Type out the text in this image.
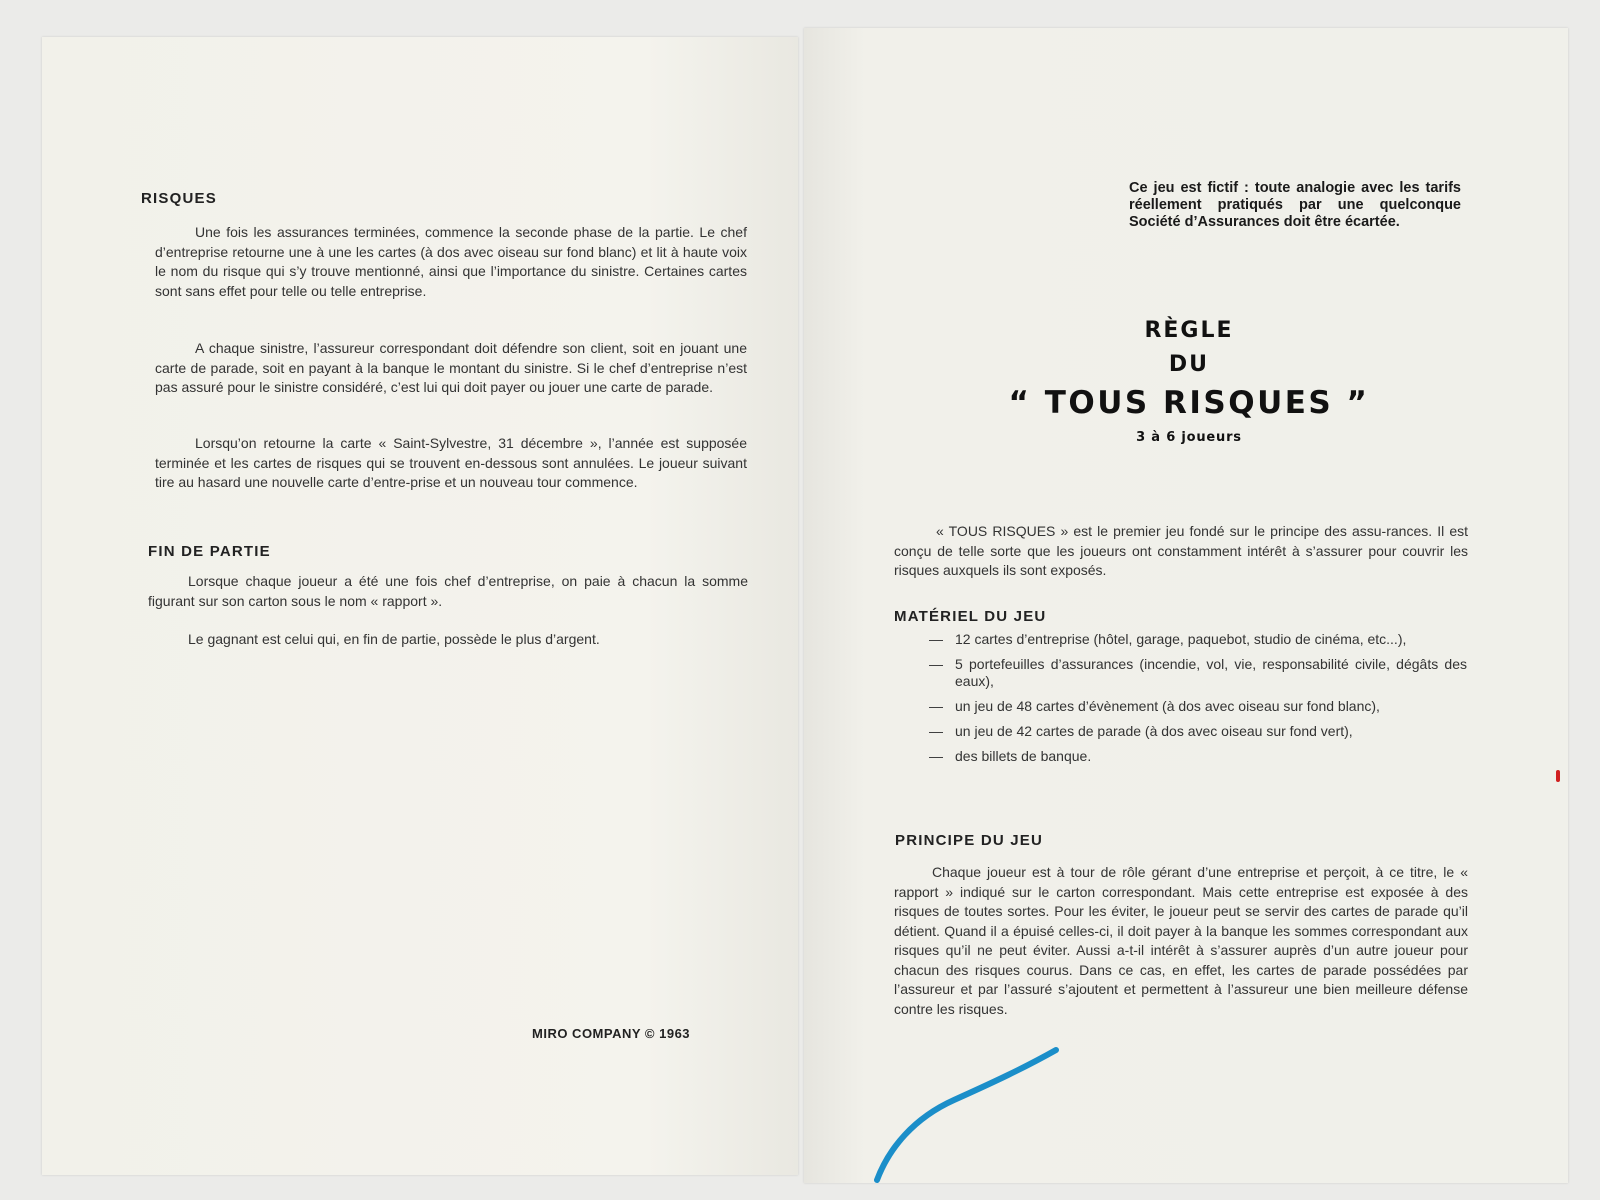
RISQUES
Une fois les assurances terminées, commence la seconde phase de la partie. Le chef d’entreprise retourne une à une les cartes (à dos avec oiseau sur fond blanc) et lit à haute voix le nom du risque qui s’y trouve mentionné, ainsi que l’importance du sinistre. Certaines cartes sont sans effet pour telle ou telle entreprise.
A chaque sinistre, l’assureur correspondant doit défendre son client, soit en jouant une carte de parade, soit en payant à la banque le montant du sinistre. Si le chef d’entreprise n’est pas assuré pour le sinistre considéré, c’est lui qui doit payer ou jouer une carte de parade.
Lorsqu’on retourne la carte « Saint-Sylvestre, 31 décembre », l’année est supposée terminée et les cartes de risques qui se trouvent en-dessous sont annulées. Le joueur suivant tire au hasard une nouvelle carte d’entre-prise et un nouveau tour commence.
FIN DE PARTIE
Lorsque chaque joueur a été une fois chef d’entreprise, on paie à chacun la somme figurant sur son carton sous le nom « rapport ».
Le gagnant est celui qui, en fin de partie, possède le plus d’argent.
MIRO COMPANY © 1963
Ce jeu est fictif : toute analogie avec les tarifs réellement pratiqués par une quelconque Société d’Assurances doit être écartée.
RÈGLE
DU
“ TOUS RISQUES ”
3 à 6 joueurs
« TOUS RISQUES » est le premier jeu fondé sur le principe des assu-rances. Il est conçu de telle sorte que les joueurs ont constamment intérêt à s’assurer pour couvrir les risques auxquels ils sont exposés.
MATÉRIEL DU JEU
— 12 cartes d’entreprise (hôtel, garage, paquebot, studio de cinéma, etc...),
— 5 portefeuilles d’assurances (incendie, vol, vie, responsabilité civile, dégâts des eaux),
— un jeu de 48 cartes d’évènement (à dos avec oiseau sur fond blanc),
— un jeu de 42 cartes de parade (à dos avec oiseau sur fond vert),
— des billets de banque.
PRINCIPE DU JEU
Chaque joueur est à tour de rôle gérant d’une entreprise et perçoit, à ce titre, le « rapport » indiqué sur le carton correspondant. Mais cette entreprise est exposée à des risques de toutes sortes. Pour les éviter, le joueur peut se servir des cartes de parade qu’il détient. Quand il a épuisé celles-ci, il doit payer à la banque les sommes correspondant aux risques qu’il ne peut éviter. Aussi a-t-il intérêt à s’assurer auprès d’un autre joueur pour chacun des risques courus. Dans ce cas, en effet, les cartes de parade possédées par l’assureur et par l’assuré s’ajoutent et permettent à l’assureur une bien meilleure défense contre les risques.
